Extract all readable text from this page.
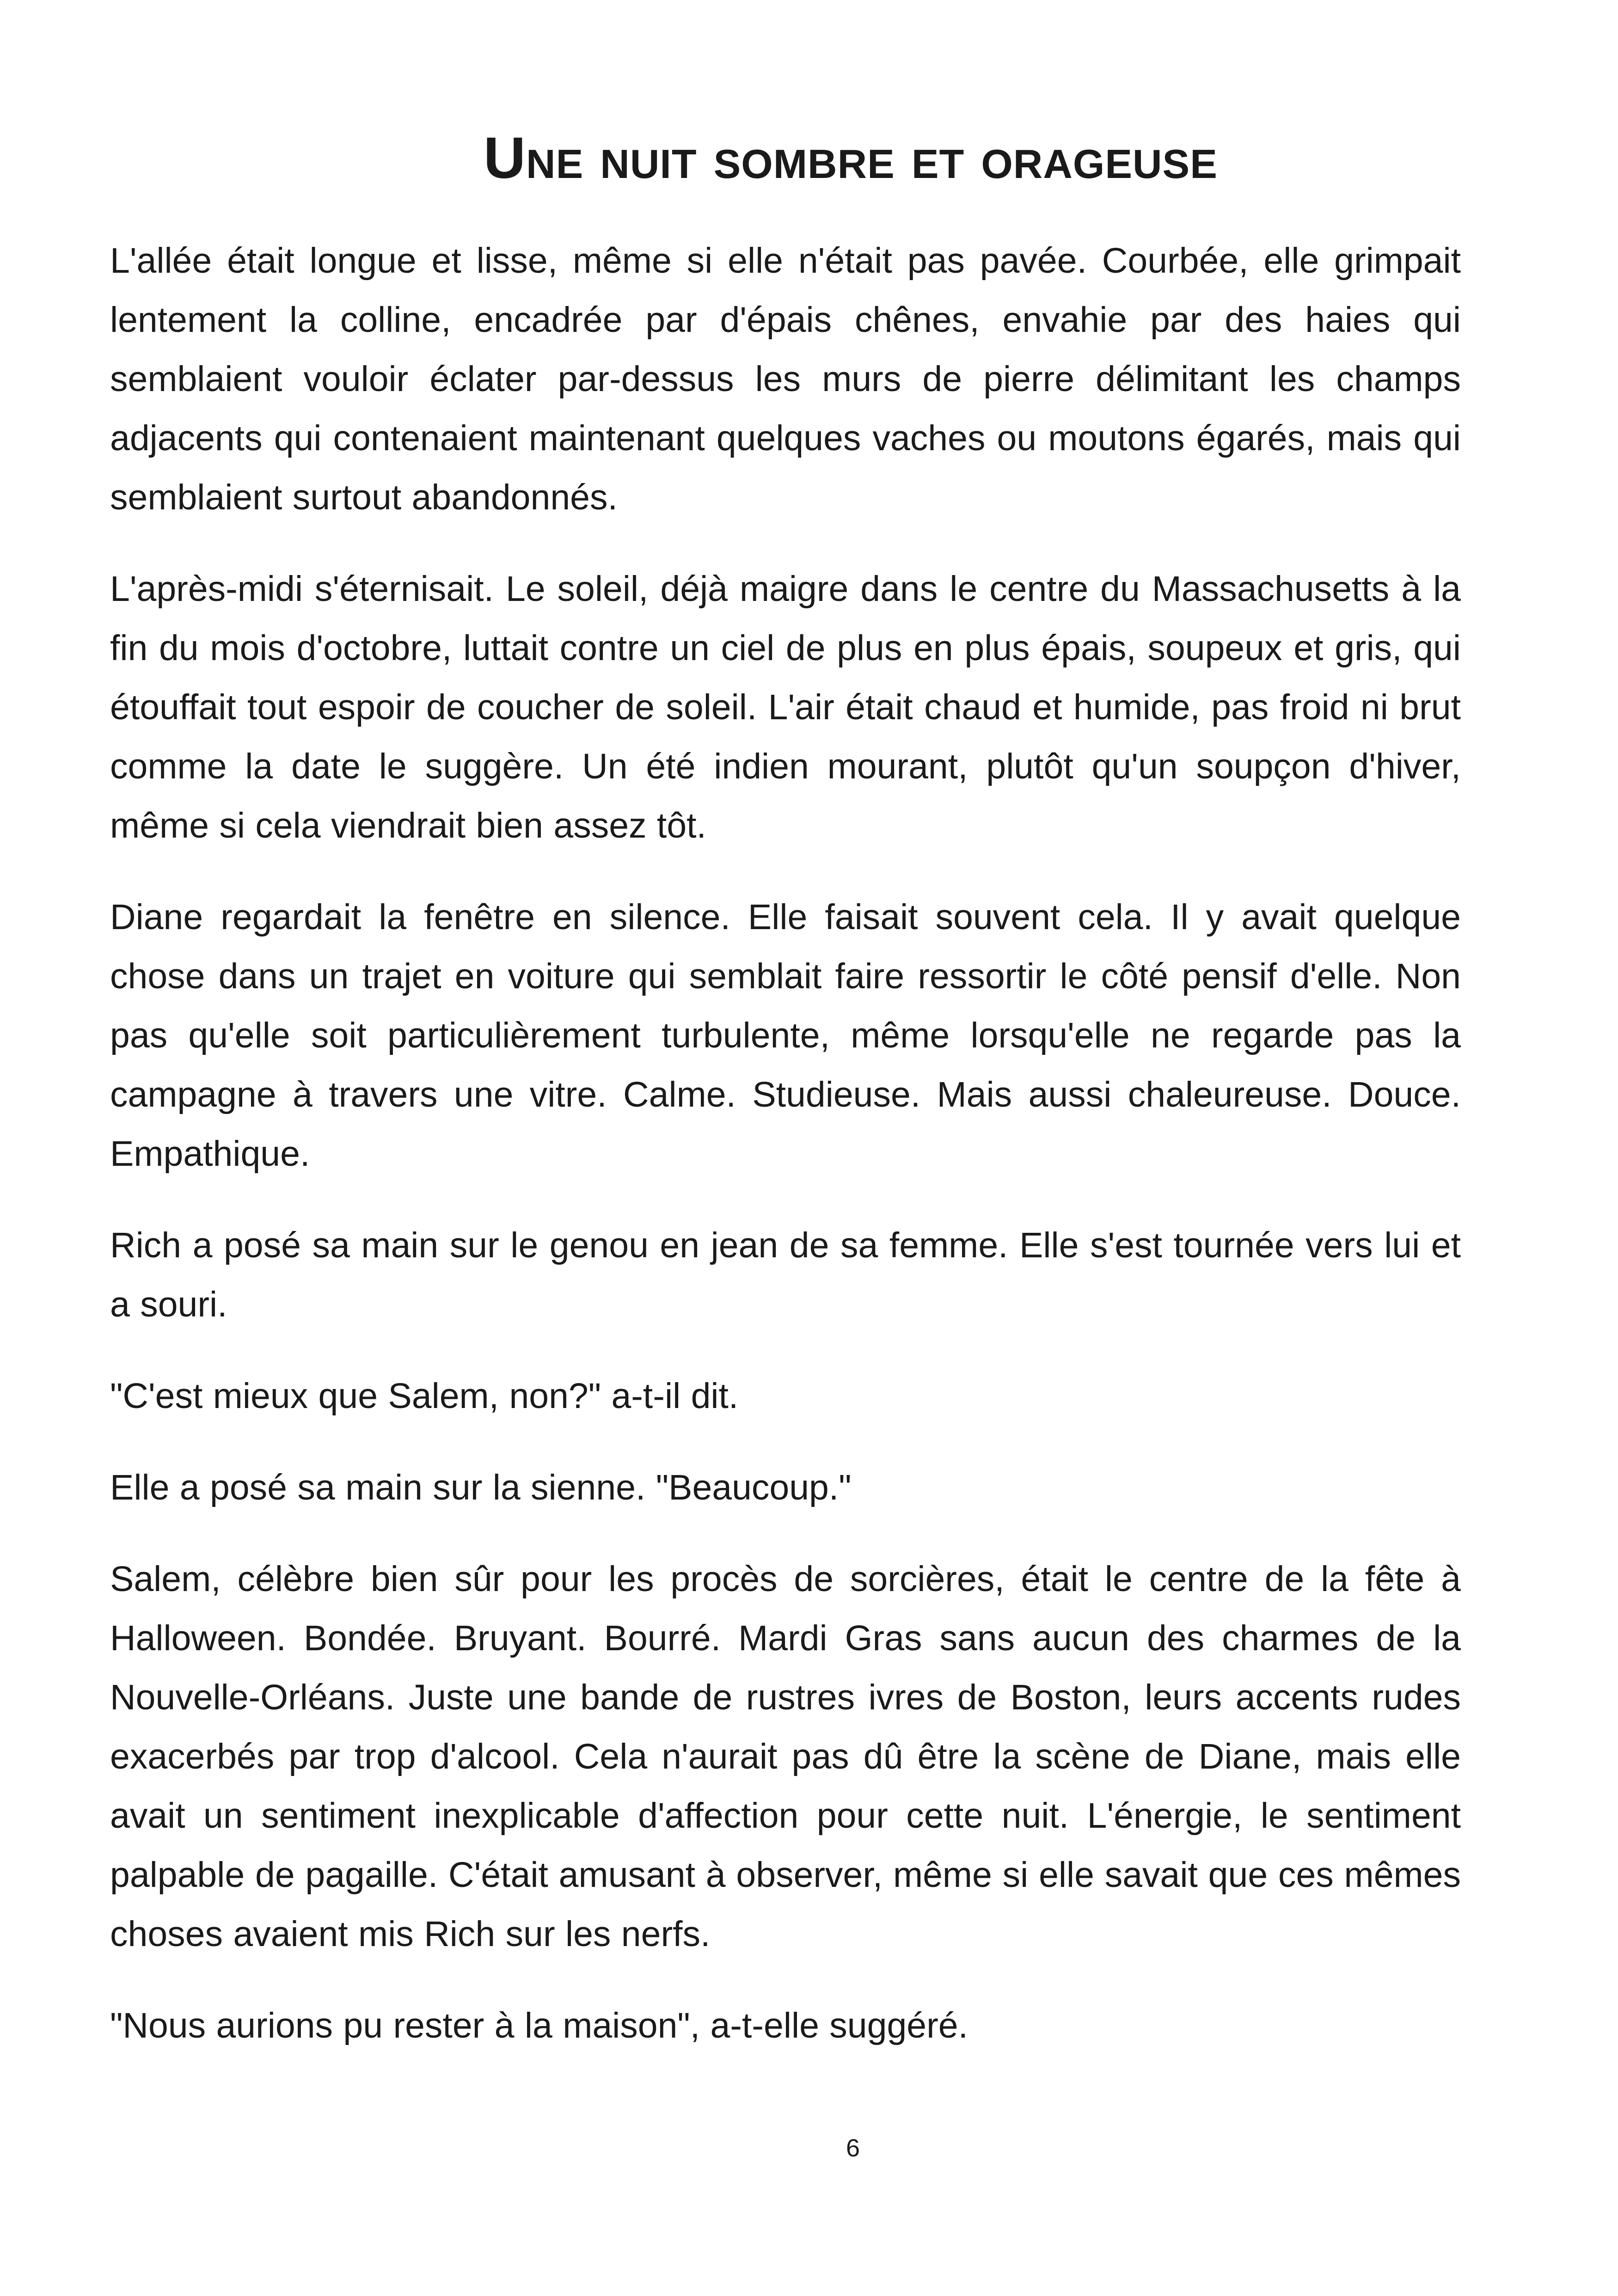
Une nuit sombre et orageuse

L'allée était longue et lisse, même si elle n'était pas pavée. Courbée, elle grimpait lentement la colline, encadrée par d'épais chênes, envahie par des haies qui semblaient vouloir éclater par-dessus les murs de pierre délimitant les champs adjacents qui contenaient maintenant quelques vaches ou moutons égarés, mais qui semblaient surtout abandonnés.

L'après-midi s'éternisait. Le soleil, déjà maigre dans le centre du Massachusetts à la fin du mois d'octobre, luttait contre un ciel de plus en plus épais, soupeux et gris, qui étouffait tout espoir de coucher de soleil. L'air était chaud et humide, pas froid ni brut comme la date le suggère. Un été indien mourant, plutôt qu'un soupçon d'hiver, même si cela viendrait bien assez tôt.

Diane regardait la fenêtre en silence. Elle faisait souvent cela. Il y avait quelque chose dans un trajet en voiture qui semblait faire ressortir le côté pensif d'elle. Non pas qu'elle soit particulièrement turbulente, même lorsqu'elle ne regarde pas la campagne à travers une vitre. Calme. Studieuse. Mais aussi chaleureuse. Douce. Empathique.

Rich a posé sa main sur le genou en jean de sa femme. Elle s'est tournée vers lui et a souri.

"C'est mieux que Salem, non?" a-t-il dit.

Elle a posé sa main sur la sienne. "Beaucoup."

Salem, célèbre bien sûr pour les procès de sorcières, était le centre de la fête à Halloween. Bondée. Bruyant. Bourré. Mardi Gras sans aucun des charmes de la Nouvelle-Orléans. Juste une bande de rustres ivres de Boston, leurs accents rudes exacerbés par trop d'alcool. Cela n'aurait pas dû être la scène de Diane, mais elle avait un sentiment inexplicable d'affection pour cette nuit. L'énergie, le sentiment palpable de pagaille. C'était amusant à observer, même si elle savait que ces mêmes choses avaient mis Rich sur les nerfs.

"Nous aurions pu rester à la maison", a-t-elle suggéré.

6
